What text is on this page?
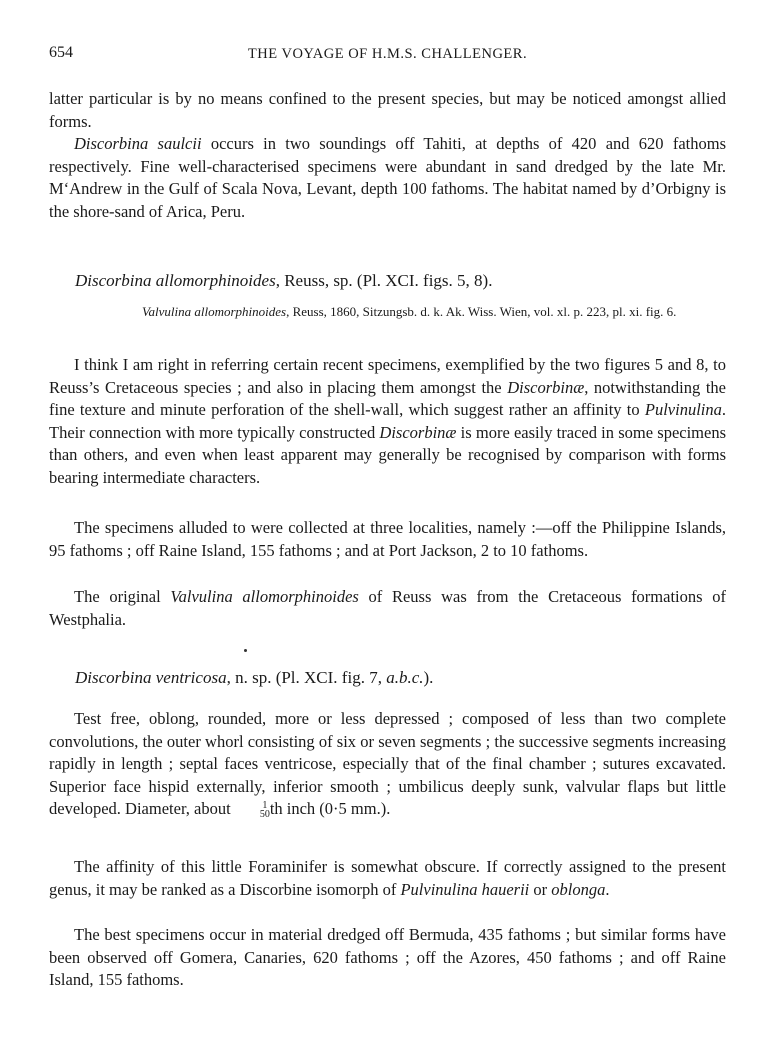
654	THE VOYAGE OF H.M.S. CHALLENGER.

latter particular is by no means confined to the present species, but may be noticed amongst allied forms.

Discorbina saulcii occurs in two soundings off Tahiti, at depths of 420 and 620 fathoms respectively. Fine well-characterised specimens were abundant in sand dredged by the late Mr. M‘Andrew in the Gulf of Scala Nova, Levant, depth 100 fathoms. The habitat named by d’Orbigny is the shore-sand of Arica, Peru.

Discorbina allomorphinoides, Reuss, sp. (Pl. XCI. figs. 5, 8).

Valvulina allomorphinoides, Reuss, 1860, Sitzungsb. d. k. Ak. Wiss. Wien, vol. xl. p. 223, pl. xi. fig. 6.

I think I am right in referring certain recent specimens, exemplified by the two figures 5 and 8, to Reuss’s Cretaceous species ; and also in placing them amongst the Discorbinæ, notwithstanding the fine texture and minute perforation of the shell-wall, which suggest rather an affinity to Pulvinulina. Their connection with more typically constructed Discorbinæ is more easily traced in some specimens than others, and even when least apparent may generally be recognised by comparison with forms bearing intermediate characters.

The specimens alluded to were collected at three localities, namely :—off the Philippine Islands, 95 fathoms ; off Raine Island, 155 fathoms ; and at Port Jackson, 2 to 10 fathoms.

The original Valvulina allomorphinoides of Reuss was from the Cretaceous formations of Westphalia.

Discorbina ventricosa, n. sp. (Pl. XCI. fig. 7, a.b.c.).

Test free, oblong, rounded, more or less depressed ; composed of less than two complete convolutions, the outer whorl consisting of six or seven segments ; the successive segments increasing rapidly in length ; septal faces ventricose, especially that of the final chamber ; sutures excavated. Superior face hispid externally, inferior smooth ; umbilicus deeply sunk, valvular flaps but little developed. Diameter, about	1
50 th inch (0·5 mm.).

The affinity of this little Foraminifer is somewhat obscure. If correctly assigned to the present genus, it may be ranked as a Discorbine isomorph of Pulvinulina hauerii or oblonga.

The best specimens occur in material dredged off Bermuda, 435 fathoms ; but similar forms have been observed off Gomera, Canaries, 620 fathoms ; off the Azores, 450 fathoms ; and off Raine Island, 155 fathoms.
